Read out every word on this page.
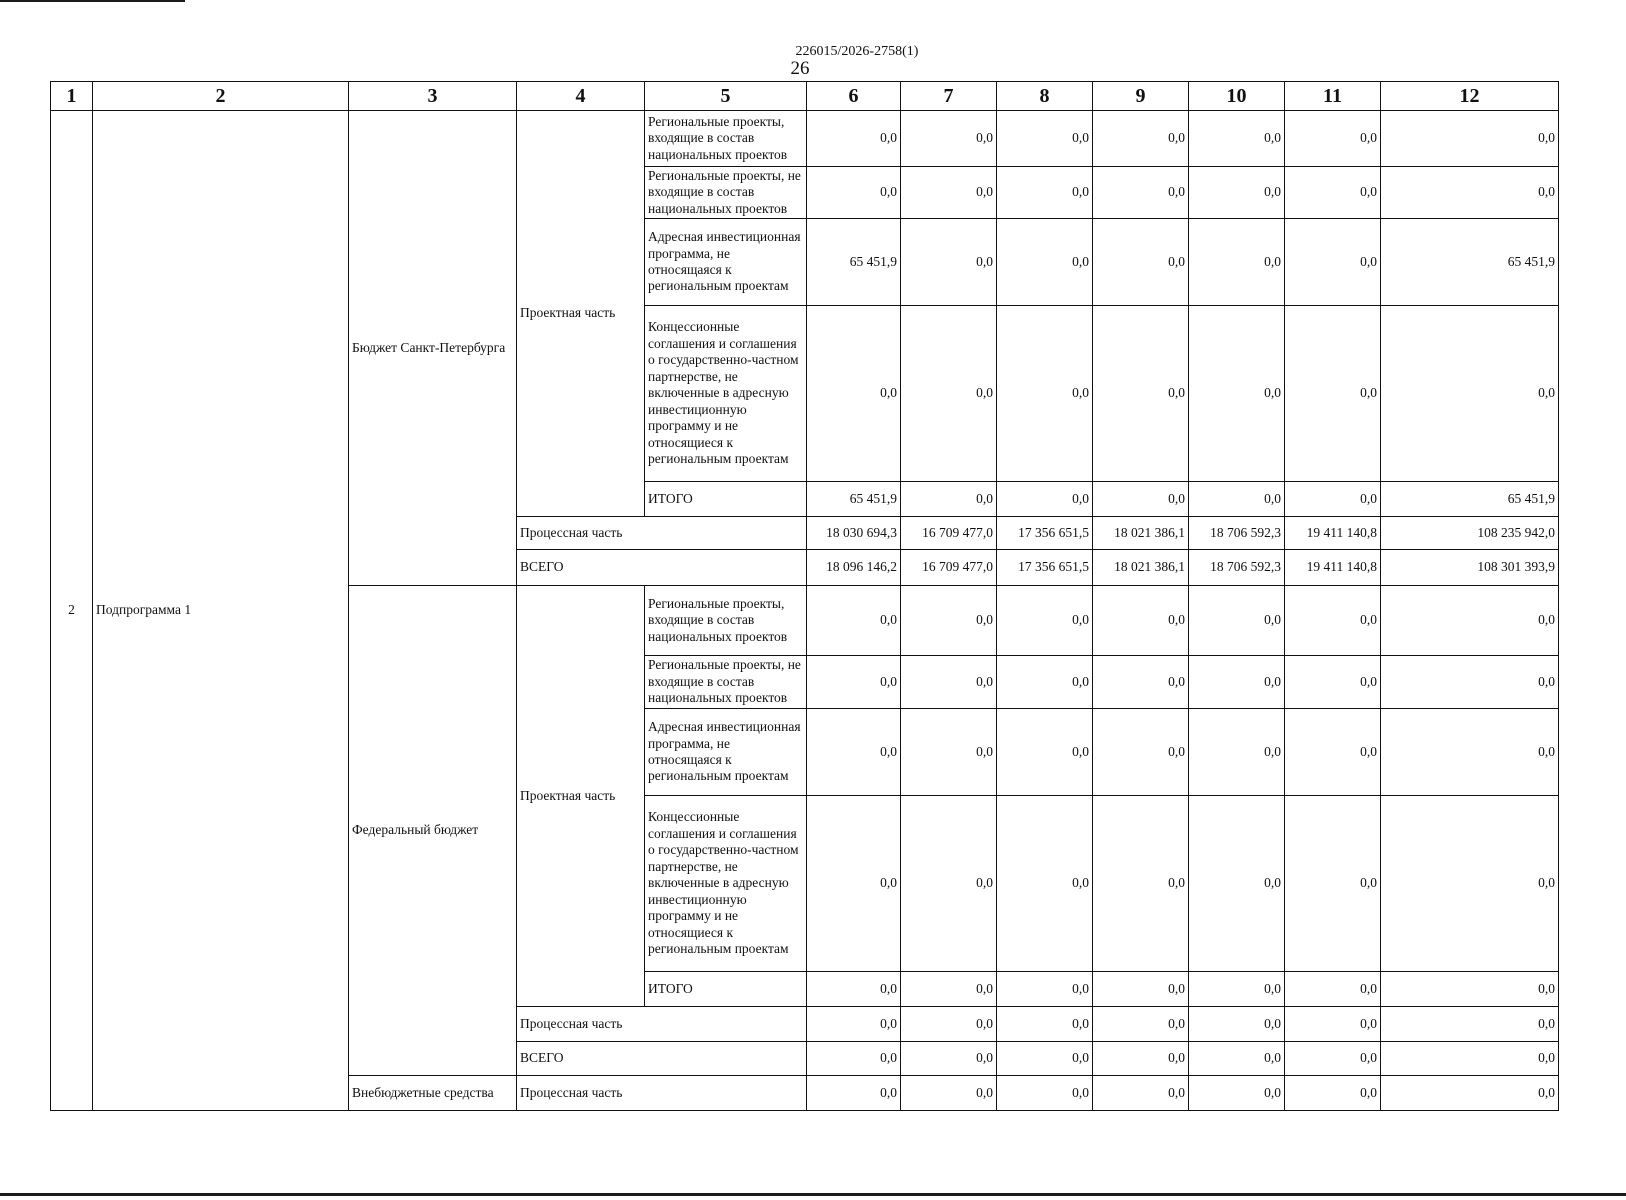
226015/2026-2758(1)
26
1	2	3	4	5	6	7	8	9	10	11	12
2	Подпрограмма 1	Бюджет Санкт-Петербурга	Проектная часть	Региональные проекты, входящие в состав национальных проектов	0,0	0,0	0,0	0,0	0,0	0,0	0,0
				Региональные проекты, не входящие в состав национальных проектов	0,0	0,0	0,0	0,0	0,0	0,0	0,0
				Адресная инвестиционная программа, не относящаяся к региональным проектам	65 451,9	0,0	0,0	0,0	0,0	0,0	65 451,9
				Концессионные соглашения и соглашения о государственно-частном партнерстве, не включенные в адресную инвестиционную программу и не относящиеся к региональным проектам	0,0	0,0	0,0	0,0	0,0	0,0	0,0
				ИТОГО	65 451,9	0,0	0,0	0,0	0,0	0,0	65 451,9
			Процессная часть		18 030 694,3	16 709 477,0	17 356 651,5	18 021 386,1	18 706 592,3	19 411 140,8	108 235 942,0
			ВСЕГО		18 096 146,2	16 709 477,0	17 356 651,5	18 021 386,1	18 706 592,3	19 411 140,8	108 301 393,9
		Федеральный бюджет	Проектная часть	Региональные проекты, входящие в состав национальных проектов	0,0	0,0	0,0	0,0	0,0	0,0	0,0
				Региональные проекты, не входящие в состав национальных проектов	0,0	0,0	0,0	0,0	0,0	0,0	0,0
				Адресная инвестиционная программа, не относящаяся к региональным проектам	0,0	0,0	0,0	0,0	0,0	0,0	0,0
				Концессионные соглашения и соглашения о государственно-частном партнерстве, не включенные в адресную инвестиционную программу и не относящиеся к региональным проектам	0,0	0,0	0,0	0,0	0,0	0,0	0,0
				ИТОГО	0,0	0,0	0,0	0,0	0,0	0,0	0,0
			Процессная часть		0,0	0,0	0,0	0,0	0,0	0,0	0,0
			ВСЕГО		0,0	0,0	0,0	0,0	0,0	0,0	0,0
		Внебюджетные средства	Процессная часть		0,0	0,0	0,0	0,0	0,0	0,0	0,0
